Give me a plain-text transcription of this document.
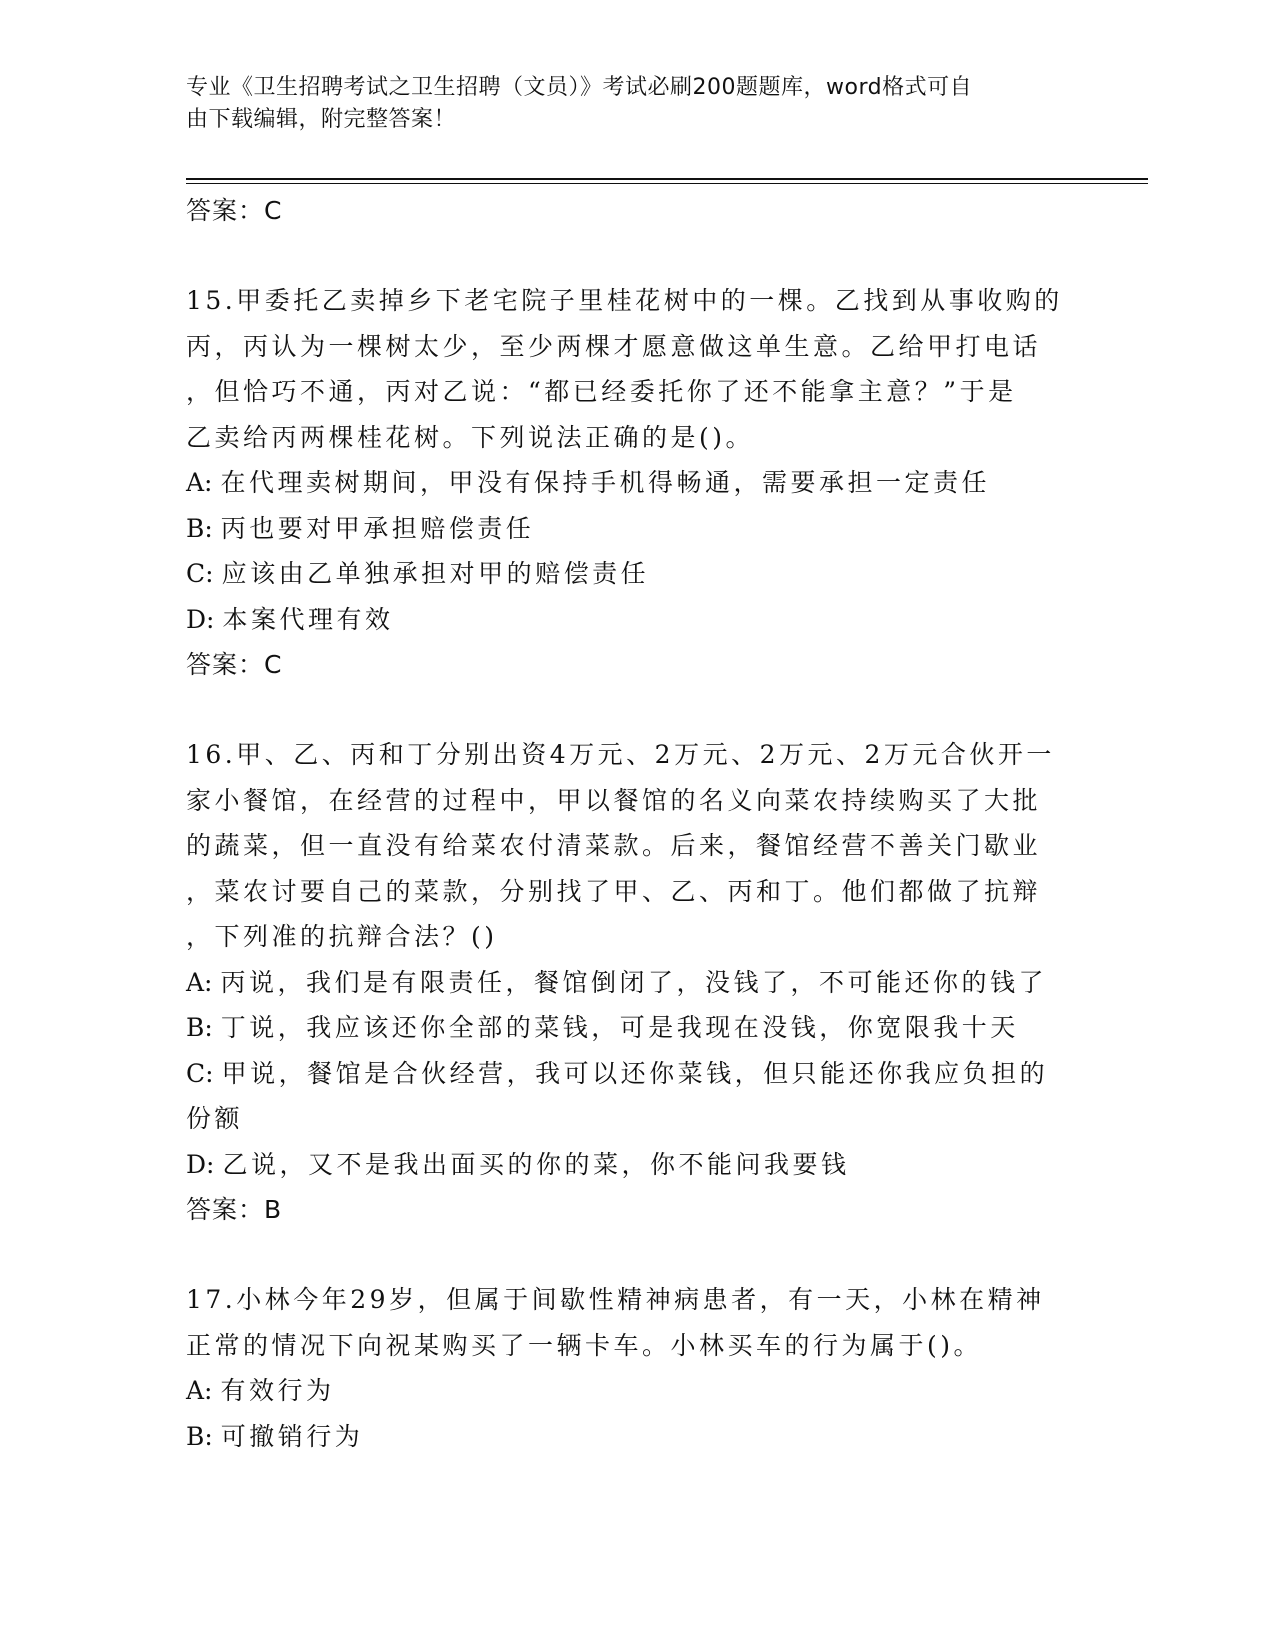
专业《卫生招聘考试之卫生招聘（文员）》考试必刷200题题库，word格式可自
由下载编辑，附完整答案！
答案：C
15.甲委托乙卖掉乡下老宅院子里桂花树中的一棵。乙找到从事收购的
丙，丙认为一棵树太少，至少两棵才愿意做这单生意。乙给甲打电话
，但恰巧不通，丙对乙说：“都已经委托你了还不能拿主意？”于是
乙卖给丙两棵桂花树。下列说法正确的是()。
A: 在代理卖树期间，甲没有保持手机得畅通，需要承担一定责任
B: 丙也要对甲承担赔偿责任
C: 应该由乙单独承担对甲的赔偿责任
D: 本案代理有效
答案：C
16.甲、乙、丙和丁分别出资4万元、2万元、2万元、2万元合伙开一
家小餐馆，在经营的过程中，甲以餐馆的名义向菜农持续购买了大批
的蔬菜，但一直没有给菜农付清菜款。后来，餐馆经营不善关门歇业
，菜农讨要自己的菜款，分别找了甲、乙、丙和丁。他们都做了抗辩
，下列准的抗辩合法？()
A: 丙说，我们是有限责任，餐馆倒闭了，没钱了，不可能还你的钱了
B: 丁说，我应该还你全部的菜钱，可是我现在没钱，你宽限我十天
C: 甲说，餐馆是合伙经营，我可以还你菜钱，但只能还你我应负担的
份额
D: 乙说，又不是我出面买的你的菜，你不能问我要钱
答案：B
17.小林今年29岁，但属于间歇性精神病患者，有一天，小林在精神
正常的情况下向祝某购买了一辆卡车。小林买车的行为属于()。
A: 有效行为
B: 可撤销行为
